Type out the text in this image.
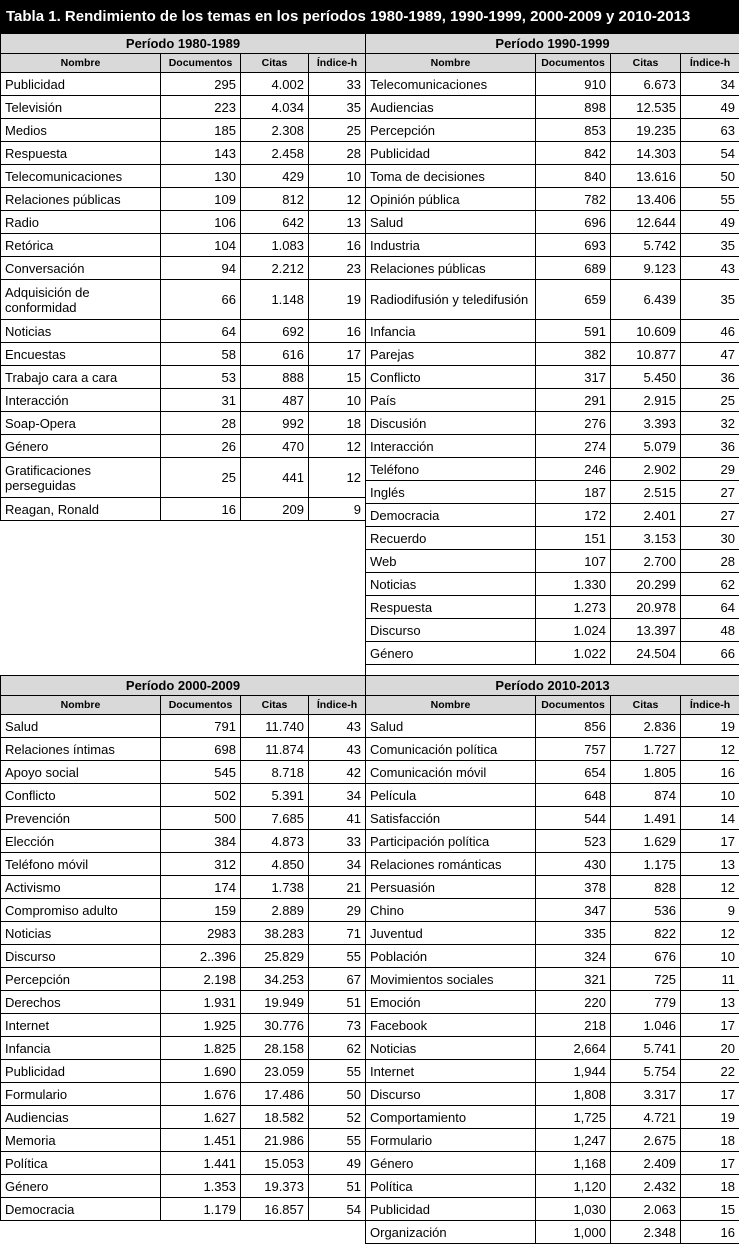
Tabla 1. Rendimiento de los temas en los períodos 1980-1989, 1990-1999, 2000-2009 y 2010-2013
Período 1980-1989			
Nombre	Documentos	Citas	Índice-h
Publicidad	295	4.002	33
Televisión	223	4.034	35
Medios	185	2.308	25
Respuesta	143	2.458	28
Telecomunicaciones	130	429	10
Relaciones públicas	109	812	12
Radio	106	642	13
Retórica	104	1.083	16
Conversación	94	2.212	23
Adquisición de conformidad	66	1.148	19
Noticias	64	692	16
Encuestas	58	616	17
Trabajo cara a cara	53	888	15
Interacción	31	487	10
Soap-Opera	28	992	18
Género	26	470	12
Gratificaciones perseguidas	25	441	12
Reagan, Ronald	16	209	9

Período 1990-1999			
Nombre	Documentos	Citas	Índice-h
Telecomunicaciones	910	6.673	34
Audiencias	898	12.535	49
Percepción	853	19.235	63
Publicidad	842	14.303	54
Toma de decisiones	840	13.616	50
Opinión pública	782	13.406	55
Salud	696	12.644	49
Industria	693	5.742	35
Relaciones públicas	689	9.123	43
Radiodifusión y teledifusión	659	6.439	35
Infancia	591	10.609	46
Parejas	382	10.877	47
Conflicto	317	5.450	36
País	291	2.915	25
Discusión	276	3.393	32
Interacción	274	5.079	36
Teléfono	246	2.902	29
Inglés	187	2.515	27
Democracia	172	2.401	27
Recuerdo	151	3.153	30
Web	107	2.700	28
Noticias	1.330	20.299	62
Respuesta	1.273	20.978	64
Discurso	1.024	13.397	48
Género	1.022	24.504	66
Período 2000-2009			
Nombre	Documentos	Citas	Índice-h
Salud	791	11.740	43
Relaciones íntimas	698	11.874	43
Apoyo social	545	8.718	42
Conflicto	502	5.391	34
Prevención	500	7.685	41
Elección	384	4.873	33
Teléfono móvil	312	4.850	34
Activismo	174	1.738	21
Compromiso adulto	159	2.889	29
Noticias	2983	38.283	71
Discurso	2..396	25.829	55
Percepción	2.198	34.253	67
Derechos	1.931	19.949	51
Internet	1.925	30.776	73
Infancia	1.825	28.158	62
Publicidad	1.690	23.059	55
Formulario	1.676	17.486	50
Audiencias	1.627	18.582	52
Memoria	1.451	21.986	55
Política	1.441	15.053	49
Género	1.353	19.373	51
Democracia	1.179	16.857	54

Período 2010-2013			
Nombre	Documentos	Citas	Índice-h
Salud	856	2.836	19
Comunicación política	757	1.727	12
Comunicación móvil	654	1.805	16
Película	648	874	10
Satisfacción	544	1.491	14
Participación política	523	1.629	17
Relaciones románticas	430	1.175	13
Persuasión	378	828	12
Chino	347	536	9
Juventud	335	822	12
Población	324	676	10
Movimientos sociales	321	725	11
Emoción	220	779	13
Facebook	218	1.046	17
Noticias	2,664	5.741	20
Internet	1,944	5.754	22
Discurso	1,808	3.317	17
Comportamiento	1,725	4.721	19
Formulario	1,247	2.675	18
Género	1,168	2.409	17
Política	1,120	2.432	18
Publicidad	1,030	2.063	15
Organización	1,000	2.348	16
